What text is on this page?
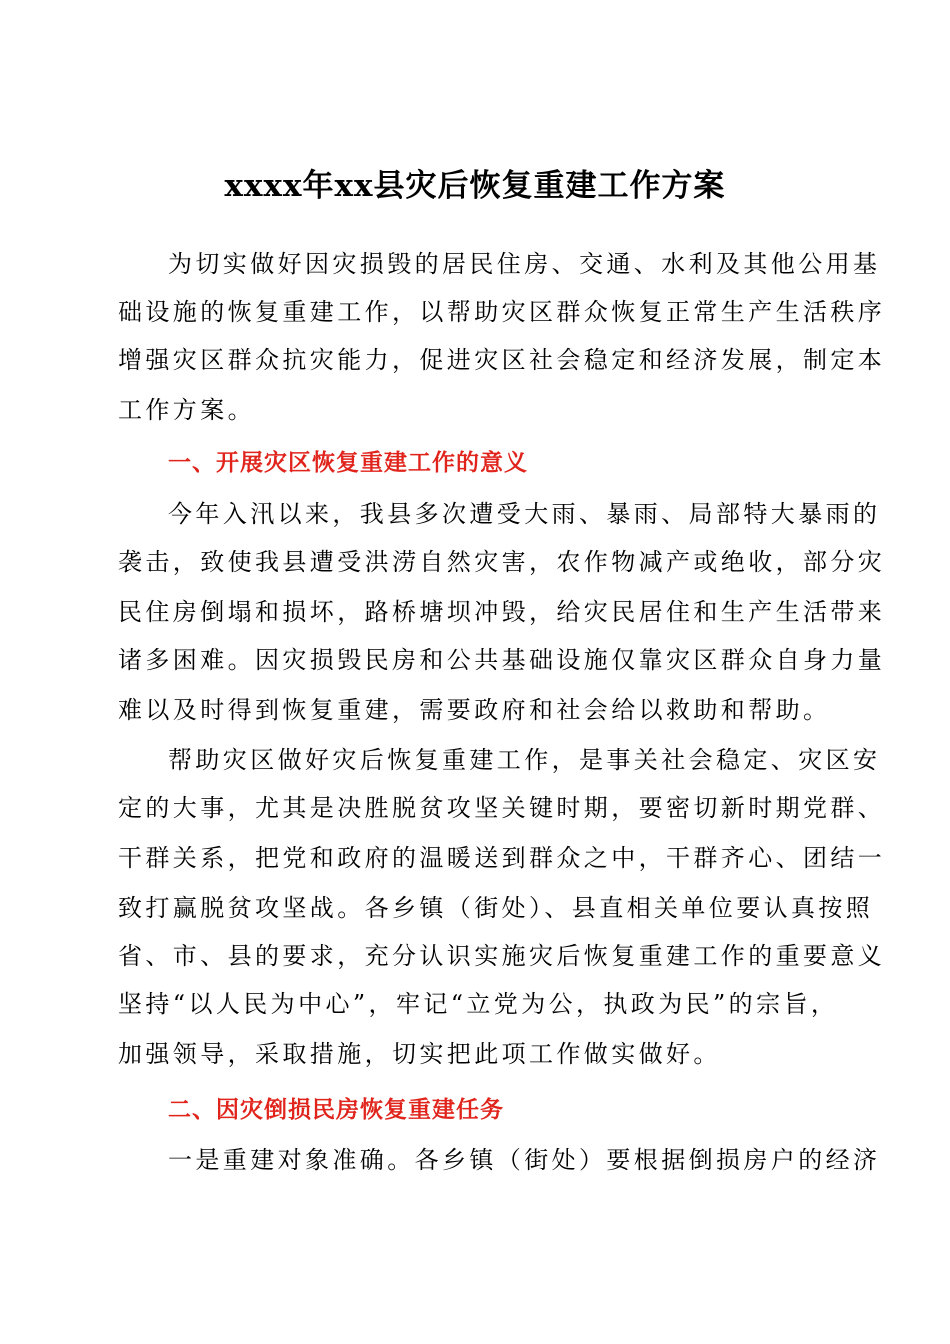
xxxx年xx县灾后恢复重建工作方案

为切实做好因灾损毁的居民住房、交通、水利及其他公用基

础设施的恢复重建工作，以帮助灾区群众恢复正常生产生活秩序

增强灾区群众抗灾能力，促进灾区社会稳定和经济发展，制定本

工作方案。

一、开展灾区恢复重建工作的意义

今年入汛以来，我县多次遭受大雨、暴雨、局部特大暴雨的

袭击，致使我县遭受洪涝自然灾害，农作物减产或绝收，部分灾

民住房倒塌和损坏，路桥塘坝冲毁，给灾民居住和生产生活带来

诸多困难。因灾损毁民房和公共基础设施仅靠灾区群众自身力量

难以及时得到恢复重建，需要政府和社会给以救助和帮助。

帮助灾区做好灾后恢复重建工作，是事关社会稳定、灾区安

定的大事，尤其是决胜脱贫攻坚关键时期，要密切新时期党群、

干群关系，把党和政府的温暖送到群众之中，干群齐心、团结一

致打赢脱贫攻坚战。各乡镇（街处）、县直相关单位要认真按照

省、市、县的要求，充分认识实施灾后恢复重建工作的重要意义

坚持“以人民为中心”，牢记“立党为公，执政为民”的宗旨，

加强领导，采取措施，切实把此项工作做实做好。

二、因灾倒损民房恢复重建任务

一是重建对象准确。各乡镇（街处）要根据倒损房户的经济
